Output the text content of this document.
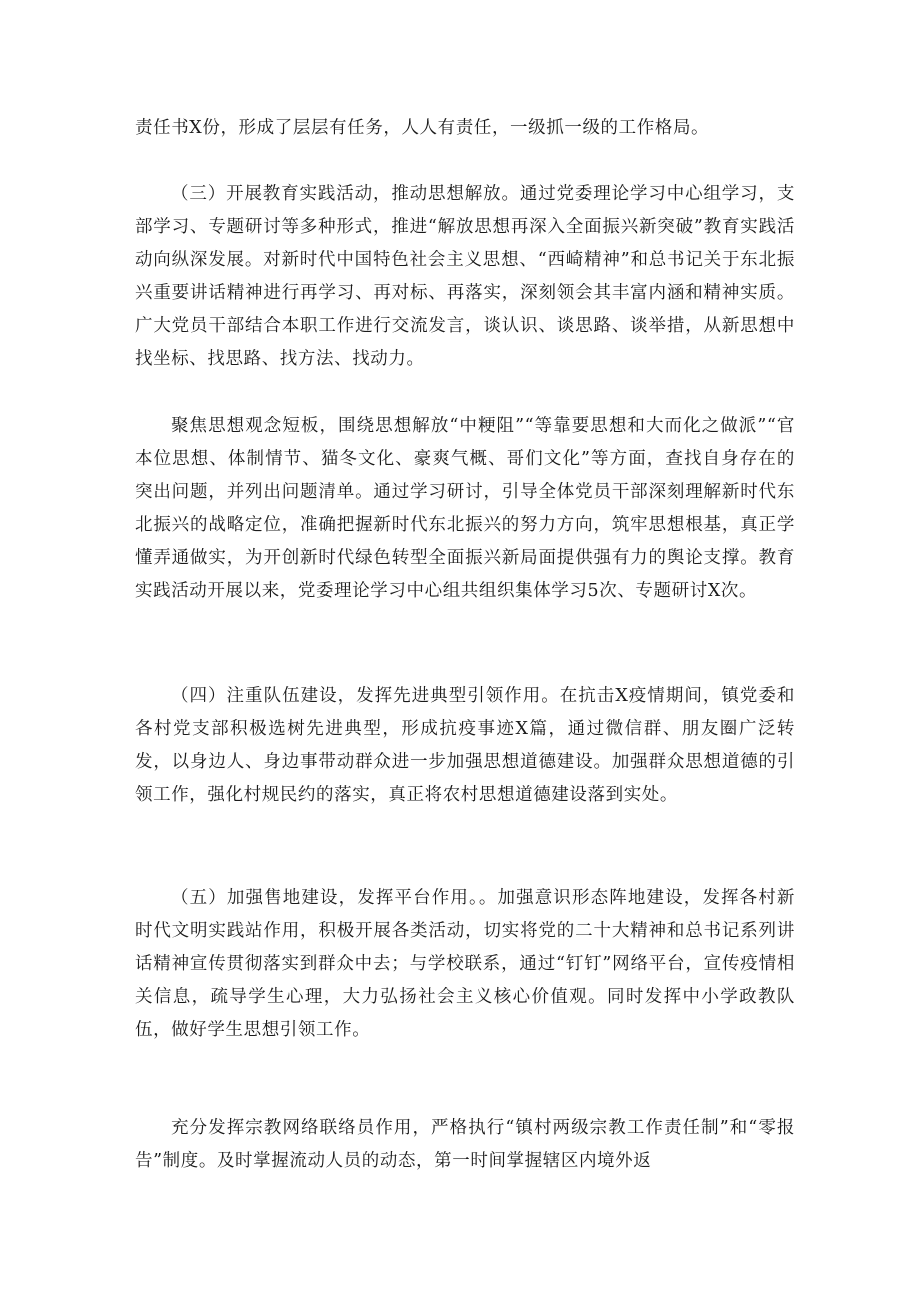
责任书X份，形成了层层有任务，人人有责任，一级抓一级的工作格局。

（三）开展教育实践活动，推动思想解放。通过党委理论学习中心组学习，支部学习、专题研讨等多种形式，推进“解放思想再深入全面振兴新突破”教育实践活动向纵深发展。对新时代中国特色社会主义思想、“西崎精神”和总书记关于东北振兴重要讲话精神进行再学习、再对标、再落实，深刻领会其丰富内涵和精神实质。广大党员干部结合本职工作进行交流发言，谈认识、谈思路、谈举措，从新思想中找坐标、找思路、找方法、找动力。

聚焦思想观念短板，围绕思想解放“中粳阻”“等靠要思想和大而化之做派”“官本位思想、体制情节、猫冬文化、豪爽气概、哥们文化”等方面，查找自身存在的突出问题，并列出问题清单。通过学习研讨，引导全体党员干部深刻理解新时代东北振兴的战略定位，准确把握新时代东北振兴的努力方向，筑牢思想根基，真正学懂弄通做实，为开创新时代绿色转型全面振兴新局面提供强有力的舆论支撑。教育实践活动开展以来，党委理论学习中心组共组织集体学习5次、专题研讨X次。

（四）注重队伍建设，发挥先进典型引领作用。在抗击X疫情期间，镇党委和各村党支部积极选树先进典型，形成抗疫事迹X篇，通过微信群、朋友圈广泛转发，以身边人、身边事带动群众进一步加强思想道德建设。加强群众思想道德的引领工作，强化村规民约的落实，真正将农村思想道德建设落到实处。

（五）加强售地建设，发挥平台作用。。加强意识形态阵地建设，发挥各村新时代文明实践站作用，积极开展各类活动，切实将党的二十大精神和总书记系列讲话精神宣传贯彻落实到群众中去；与学校联系，通过“钉钉”网络平台，宣传疫情相关信息，疏导学生心理，大力弘扬社会主义核心价值观。同时发挥中小学政教队伍，做好学生思想引领工作。

充分发挥宗教网络联络员作用，严格执行“镇村两级宗教工作责任制”和“零报告”制度。及时掌握流动人员的动态，第一时间掌握辖区内境外返
